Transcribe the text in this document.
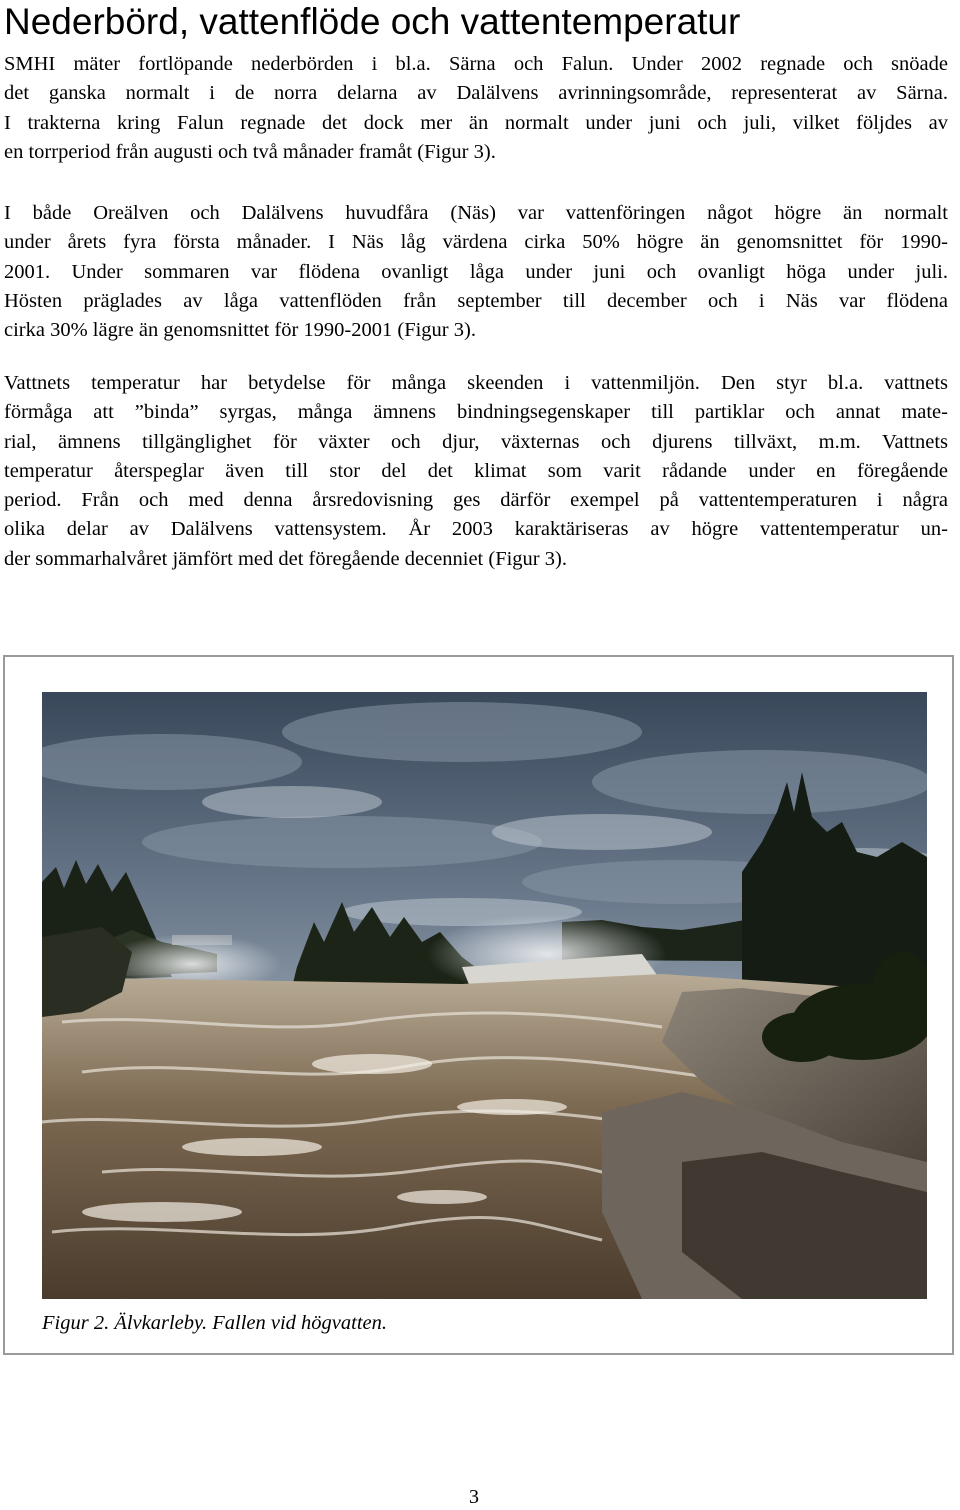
Nederbörd, vattenflöde och vattentemperatur
SMHI mäter fortlöpande nederbörden i bl.a. Särna och Falun. Under 2002 regnade och snöade
det ganska normalt i de norra delarna av Dalälvens avrinningsområde, representerat av Särna.
I trakterna kring Falun regnade det dock mer än normalt under juni och juli, vilket följdes av
en torrperiod från augusti och två månader framåt (Figur 3).
I både Oreälven och Dalälvens huvudfåra (Näs) var vattenföringen något högre än normalt
under årets fyra första månader. I Näs låg värdena cirka 50% högre än genomsnittet för 1990-
2001. Under sommaren var flödena ovanligt låga under juni och ovanligt höga under juli.
Hösten präglades av låga vattenflöden från september till december och i Näs var flödena
cirka 30% lägre än genomsnittet för 1990-2001 (Figur 3).
Vattnets temperatur har betydelse för många skeenden i vattenmiljön. Den styr bl.a. vattnets
förmåga att ”binda” syrgas, många ämnens bindningsegenskaper till partiklar och annat mate-
rial, ämnens tillgänglighet för växter och djur, växternas och djurens tillväxt, m.m. Vattnets
temperatur återspeglar även till stor del det klimat som varit rådande under en föregående
period. Från och med denna årsredovisning ges därför exempel på vattentemperaturen i några
olika delar av Dalälvens vattensystem. År 2003 karaktäriseras av högre vattentemperatur un-
der sommarhalvåret jämfört med det föregående decenniet (Figur 3).

Figur 2. Älvkarleby. Fallen vid högvatten.

3
